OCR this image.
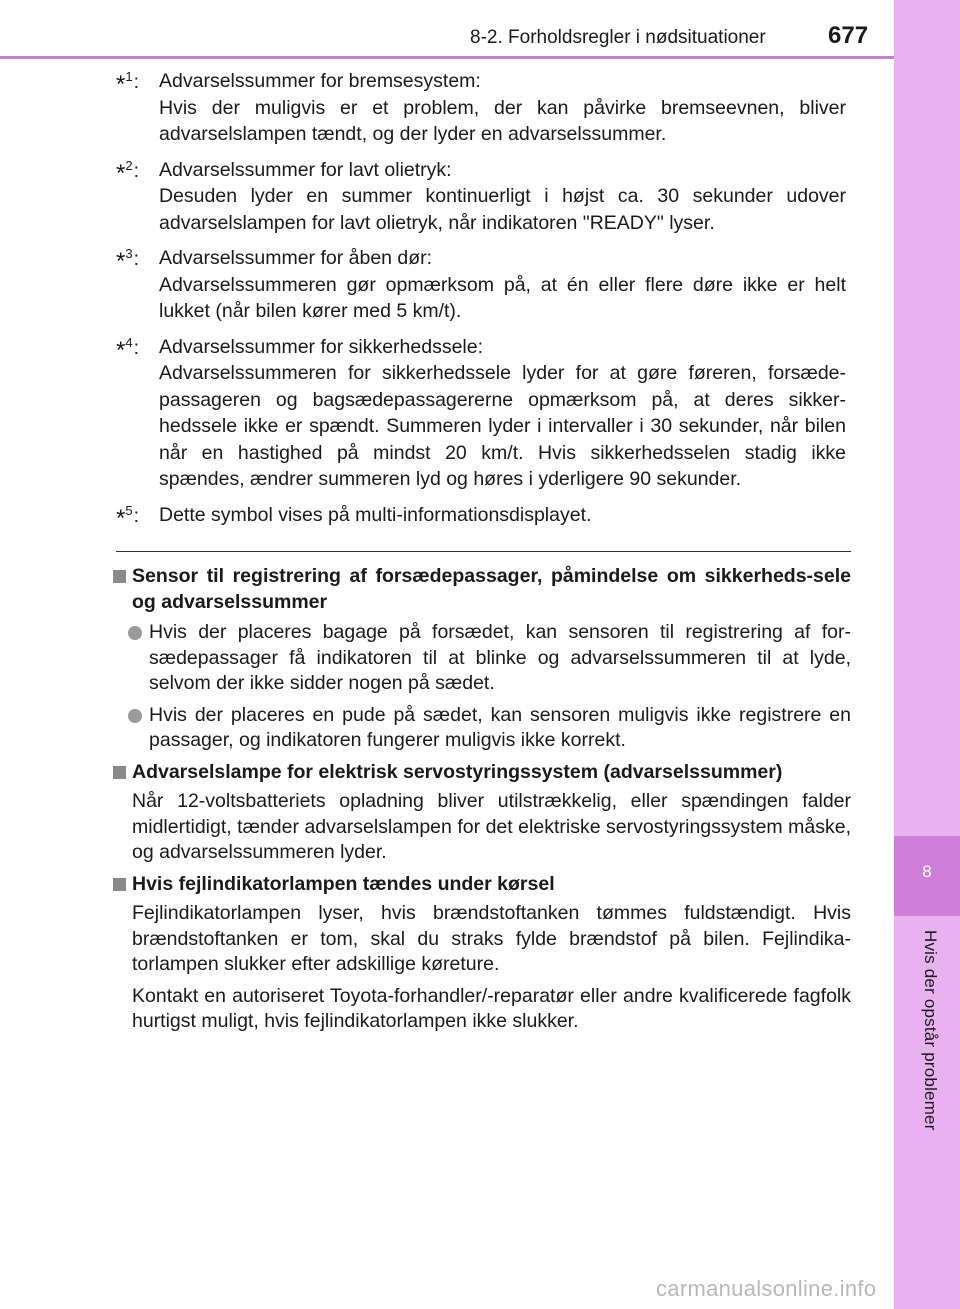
8
Hvis der opstår problemer
8-2. Forholdsregler i nødsituationer	677
*$^1$:	Advarselssummer for bremsesystem:
Hvis der muligvis er et problem, der kan påvirke bremseevnen, bliver advarselslampen tændt, og der lyder en advarselssummer.
*$^2$:	Advarselssummer for lavt olietryk:
Desuden lyder en summer kontinuerligt i højst ca. 30 sekunder udover advarselslampen for lavt olietryk, når indikatoren "READY" lyser.
*$^3$:	Advarselssummer for åben dør:
Advarselssummeren gør opmærksom på, at én eller flere døre ikke er helt lukket (når bilen kører med 5 km/t).
*$^4$:	Advarselssummer for sikkerhedssele:
Advarselssummeren for sikkerhedssele lyder for at gøre føreren, forsæde-passageren og bagsædepassagererne opmærksom på, at deres sikker-hedssele ikke er spændt. Summeren lyder i intervaller i 30 sekunder, når bilen når en hastighed på mindst 20 km/t. Hvis sikkerhedsselen stadig ikke spændes, ændrer summeren lyd og høres i yderligere 90 sekunder.
*$^5$:	Dette symbol vises på multi-informationsdisplayet.
Sensor til registrering af forsædepassager, påmindelse om sikkerheds-sele og advarselssummer
Hvis der placeres bagage på forsædet, kan sensoren til registrering af for-sædepassager få indikatoren til at blinke og advarselssummeren til at lyde, selvom der ikke sidder nogen på sædet.
Hvis der placeres en pude på sædet, kan sensoren muligvis ikke registrere en passager, og indikatoren fungerer muligvis ikke korrekt.
Advarselslampe for elektrisk servostyringssystem (advarselssummer)
Når 12-voltsbatteriets opladning bliver utilstrækkelig, eller spændingen falder midlertidigt, tænder advarselslampen for det elektriske servostyringssystem måske, og advarselssummeren lyder.
Hvis fejlindikatorlampen tændes under kørsel
Fejlindikatorlampen lyser, hvis brændstoftanken tømmes fuldstændigt. Hvis brændstoftanken er tom, skal du straks fylde brændstof på bilen. Fejlindika-torlampen slukker efter adskillige køreture.
Kontakt en autoriseret Toyota-forhandler/-reparatør eller andre kvalificerede fagfolk hurtigst muligt, hvis fejlindikatorlampen ikke slukker.
carmanualsonline.info
